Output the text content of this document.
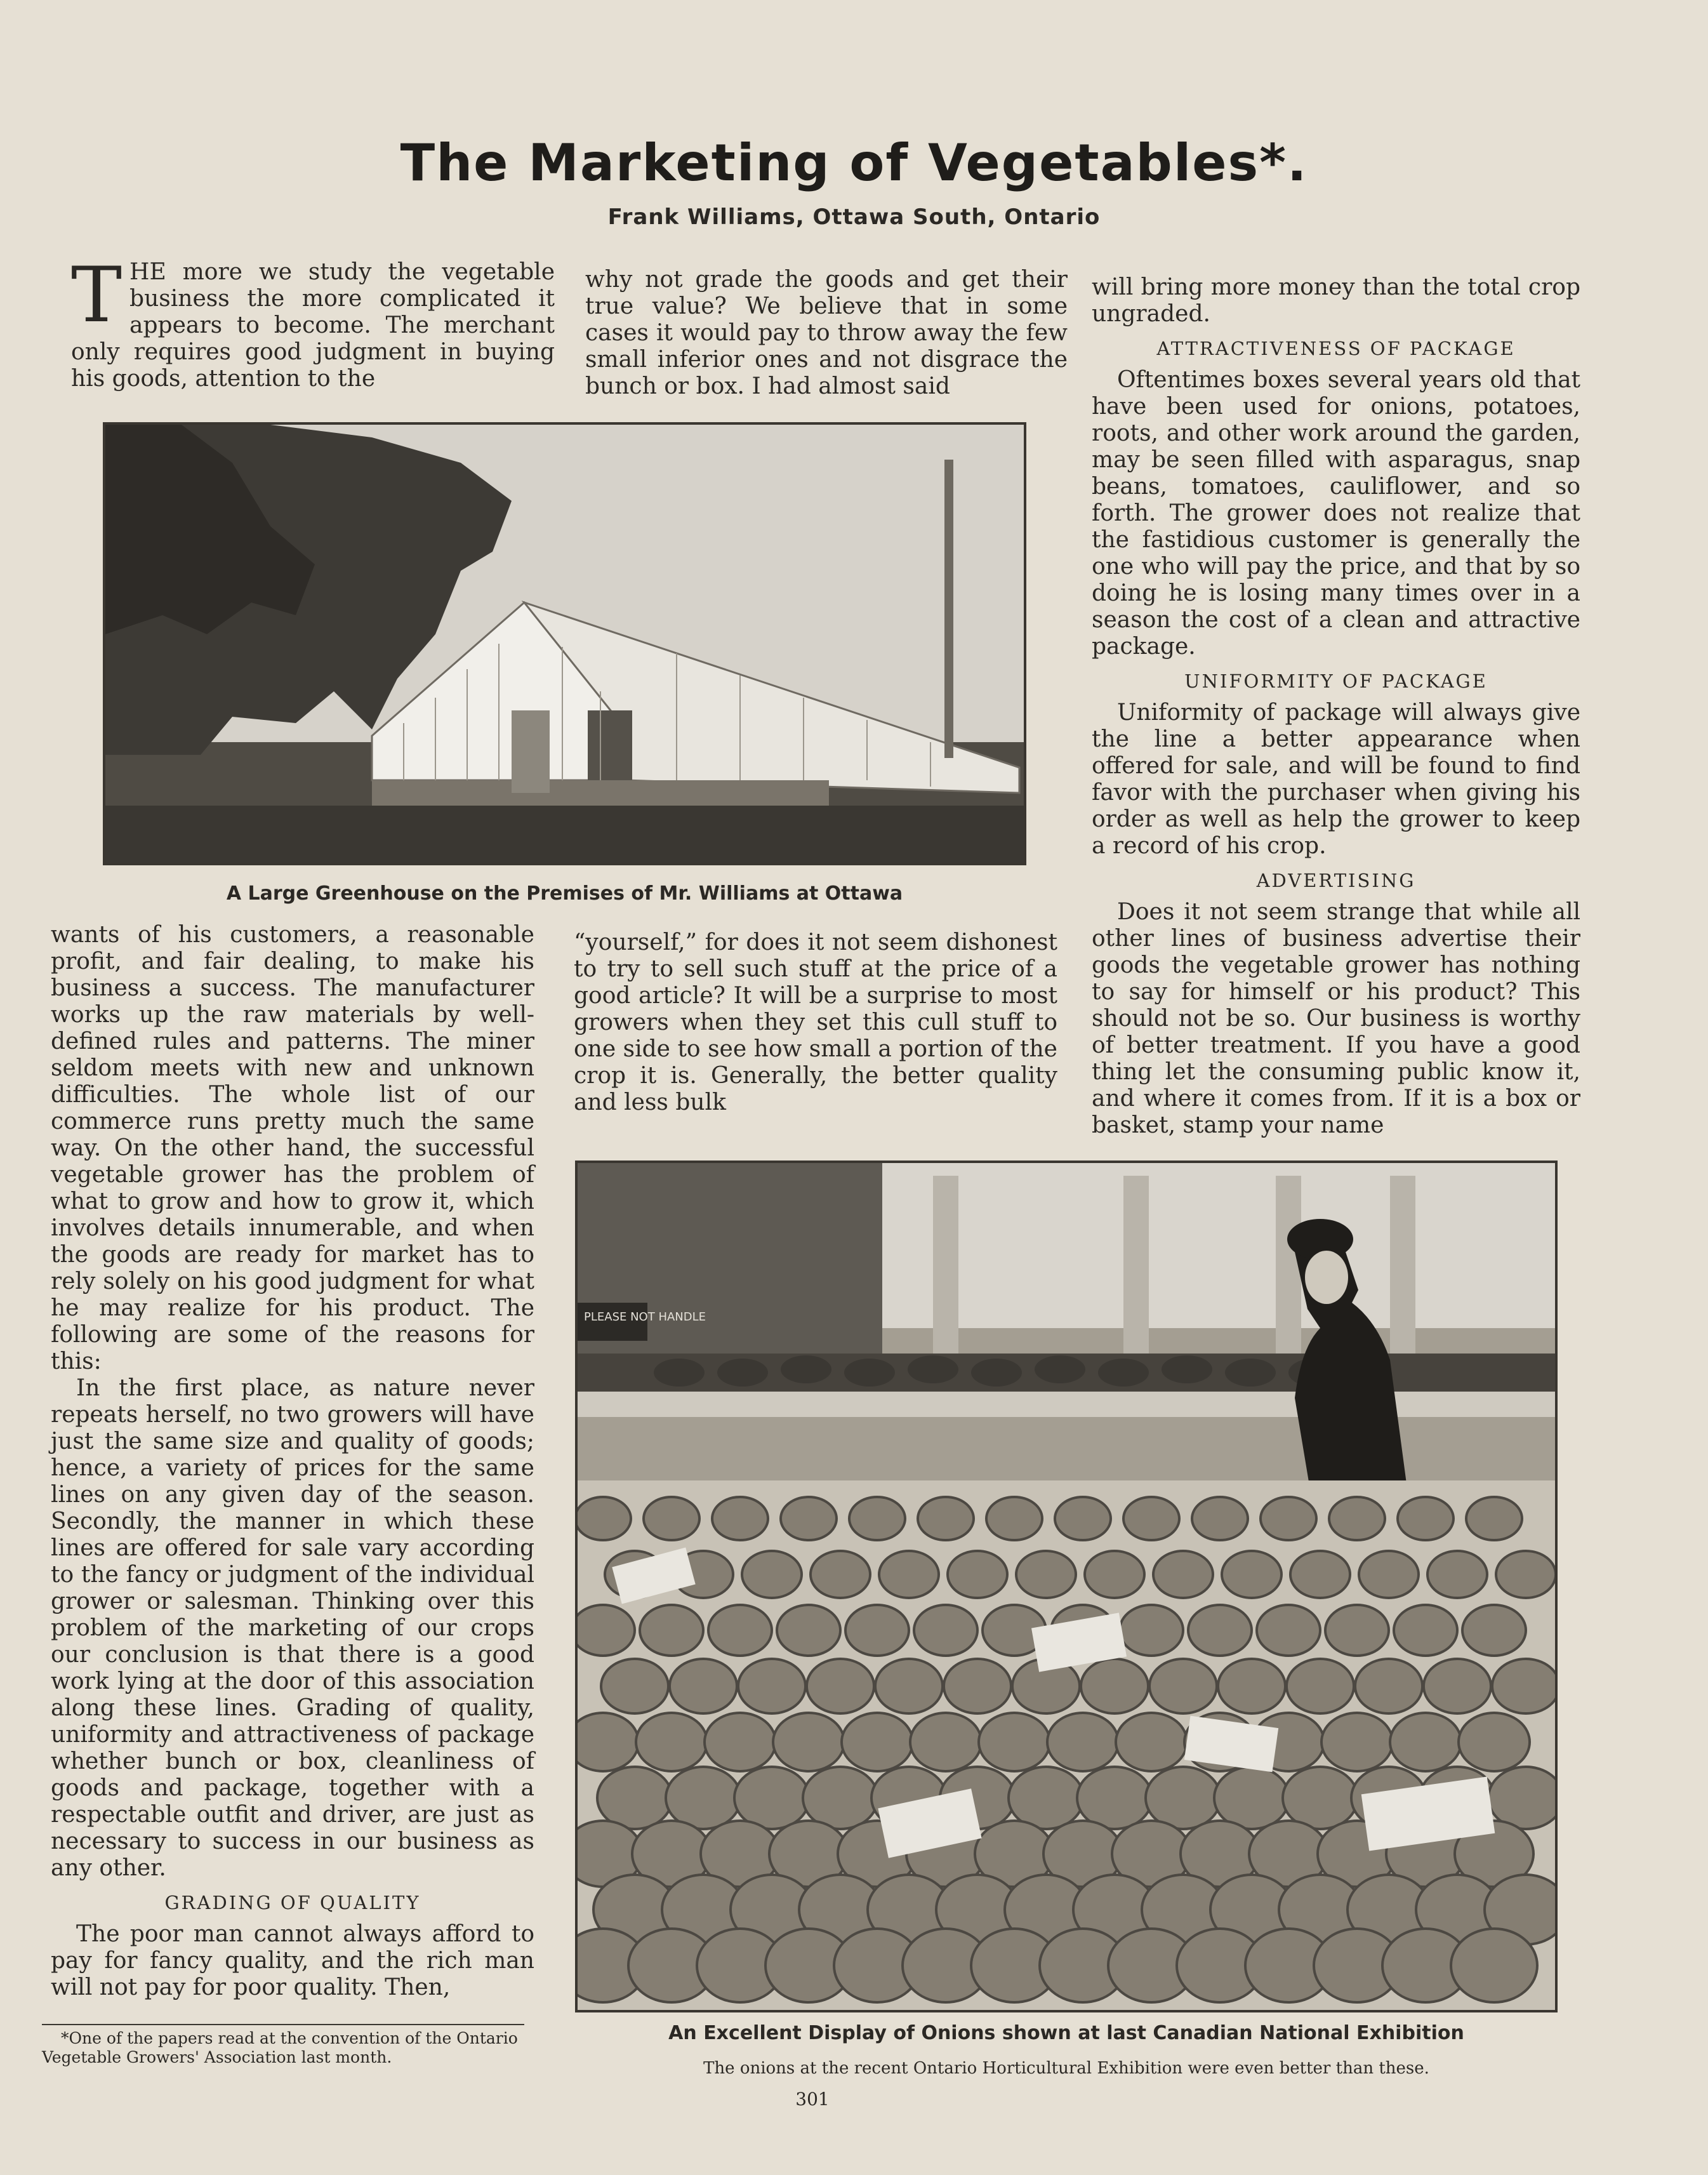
The Marketing of Vegetables*.
Frank Williams, Ottawa South, Ontario
T HE more we study the vegetable business the more complicated it appears to become. The merchant only requires good judgment in buying his goods, attention to the

why not grade the goods and get their true value? We believe that in some cases it would pay to throw away the few small inferior ones and not disgrace the bunch or box. I had almost said

A Large Greenhouse on the Premises of Mr. Williams at Ottawa

wants of his customers, a reasonable profit, and fair dealing, to make his business a success. The manufacturer works up the raw materials by well-defined rules and patterns. The miner seldom meets with new and unknown difficulties. The whole list of our commerce runs pretty much the same way. On the other hand, the successful vegetable grower has the problem of what to grow and how to grow it, which involves details innumerable, and when the goods are ready for market has to rely solely on his good judgment for what he may realize for his product. The following are some of the reasons for this:

In the first place, as nature never repeats herself, no two growers will have just the same size and quality of goods; hence, a variety of prices for the same lines on any given day of the season. Secondly, the manner in which these lines are offered for sale vary according to the fancy or judgment of the individual grower or salesman. Thinking over this problem of the marketing of our crops our conclusion is that there is a good work lying at the door of this association along these lines. Grading of quality, uniformity and attractiveness of package whether bunch or box, cleanliness of goods and package, together with a respectable outfit and driver, are just as necessary to success in our business as any other.

GRADING OF QUALITY

The poor man cannot always afford to pay for fancy quality, and the rich man will not pay for poor quality. Then,

“yourself,” for does it not seem dishonest to try to sell such stuff at the price of a good article? It will be a surprise to most growers when they set this cull stuff to one side to see how small a portion of the crop it is. Generally, the better quality and less bulk

will bring more money than the total crop ungraded.

ATTRACTIVENESS OF PACKAGE

Oftentimes boxes several years old that have been used for onions, potatoes, roots, and other work around the garden, may be seen filled with asparagus, snap beans, tomatoes, cauliflower, and so forth. The grower does not realize that the fastidious customer is generally the one who will pay the price, and that by so doing he is losing many times over in a season the cost of a clean and attractive package.

UNIFORMITY OF PACKAGE

Uniformity of package will always give the line a better appearance when offered for sale, and will be found to find favor with the purchaser when giving his order as well as help the grower to keep a record of his crop.

ADVERTISING

Does it not seem strange that while all other lines of business advertise their goods the vegetable grower has nothing to say for himself or his product? This should not be so. Our business is worthy of better treatment. If you have a good thing let the consuming public know it, and where it comes from. If it is a box or basket, stamp your name

PLEASE NOT HANDLE
An Excellent Display of Onions shown at last Canadian National Exhibition
The onions at the recent Ontario Horticultural Exhibition were even better than these.
*One of the papers read at the convention of the Ontario Vegetable Growers' Association last month.
301
